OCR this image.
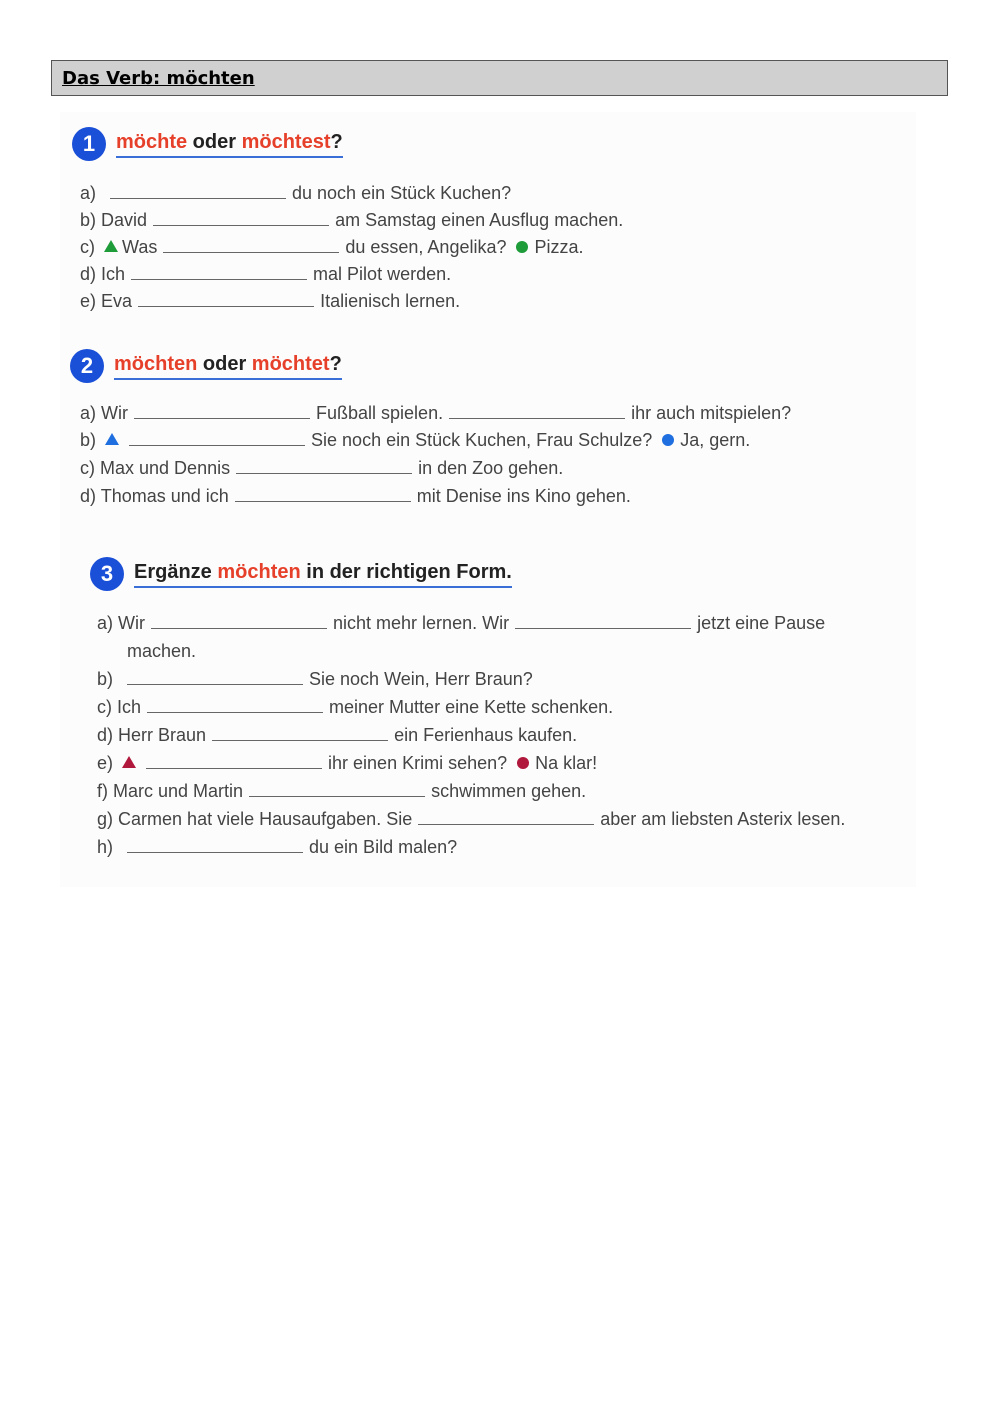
Das Verb: möchten
1	möchte oder möchtest?
a)	du noch ein Stück Kuchen?
b) David	am Samstag einen Ausflug machen.
c) Was	du essen, Angelika? Pizza.
d) Ich	mal Pilot werden.
e) Eva	Italienisch lernen.
2	möchten oder möchtet?
a) Wir	Fußball spielen.	ihr auch mitspielen?
b)	Sie noch ein Stück Kuchen, Frau Schulze? Ja, gern.
c) Max und Dennis	in den Zoo gehen.
d) Thomas und ich	mit Denise ins Kino gehen.
3	Ergänze möchten in der richtigen Form.
a) Wir	nicht mehr lernen. Wir	jetzt eine Pause
machen.
b)	Sie noch Wein, Herr Braun?
c) Ich	meiner Mutter eine Kette schenken.
d) Herr Braun	ein Ferienhaus kaufen.
e)	ihr einen Krimi sehen? Na klar!
f) Marc und Martin	schwimmen gehen.
g) Carmen hat viele Hausaufgaben. Sie	aber am liebsten Asterix lesen.
h)	du ein Bild malen?
